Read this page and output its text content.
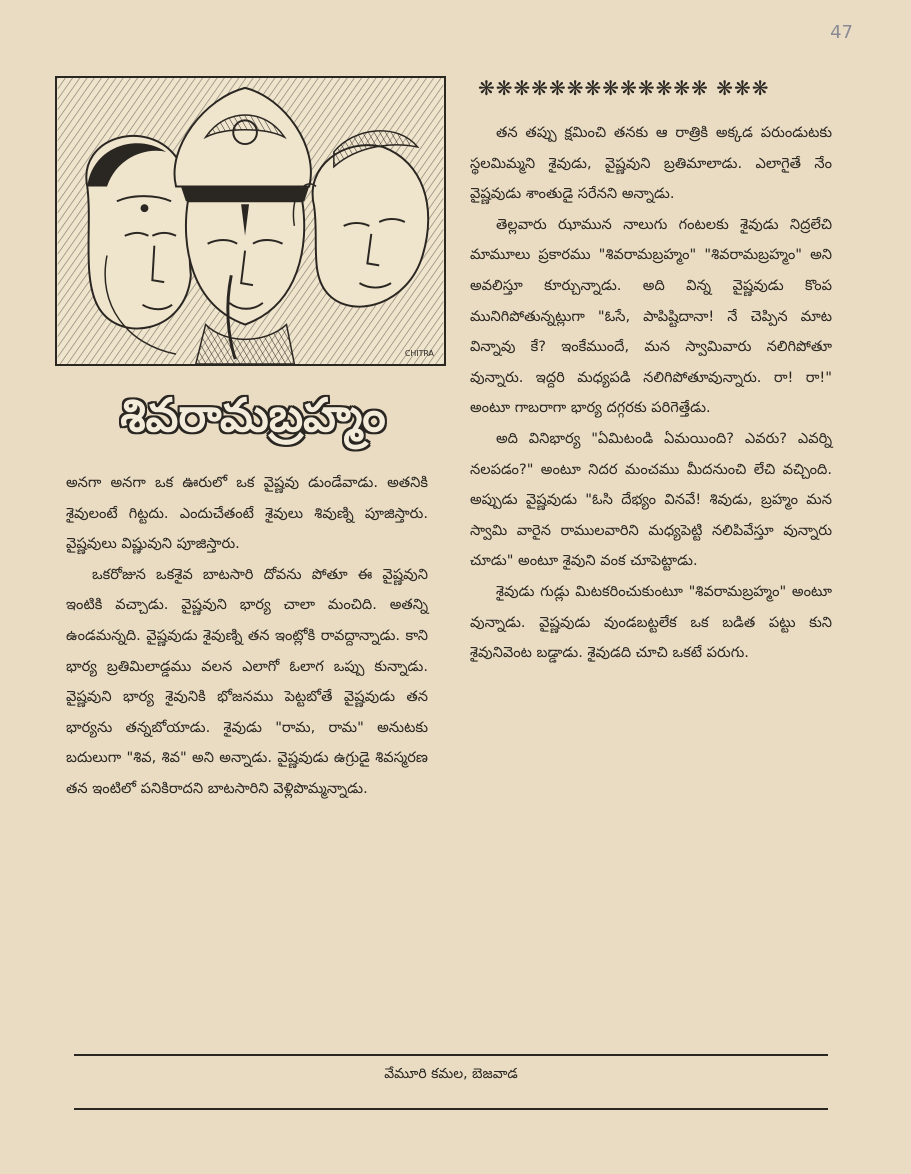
47
CHITRA
శివరామబ్రహ్మం
❋❋❋❋❋❋❋❋❋❋❋❋❋ ❋❋❋

అనగా అనగా ఒక ఊరులో ఒక వైష్ణవు డుండేవాడు. అతనికి శైవులంటే గిట్టదు. ఎందుచేతంటే శైవులు శివుణ్ని పూజిస్తారు. వైష్ణవులు విష్ణువుని పూజిస్తారు.

ఒకరోజున ఒకశైవ బాటసారి దోవను పోతూ ఈ వైష్ణవుని ఇంటికి వచ్చాడు. వైష్ణవుని భార్య చాలా మంచిది. అతన్ని ఉండమన్నది. వైష్ణవుడు శైవుణ్ని తన ఇంట్లోకి రావద్దాన్నాడు. కాని భార్య బ్రతిమిలాడ్డము వలన ఎలాగో ఓలాగ ఒప్పు కున్నాడు. వైష్ణవుని భార్య శైవునికి భోజనము పెట్టబోతే వైష్ణవుడు తన భార్యను తన్నబోయాడు. శైవుడు "రామ, రామ" అనుటకు బదులుగా "శివ, శివ" అని అన్నాడు. వైష్ణవుడు ఉగ్రుడై శివస్మరణ తన ఇంటిలో పనికిరాదని బాటసారిని వెళ్లిపొమ్మన్నాడు.

తన తప్పు క్షమించి తనకు ఆ రాత్రికి అక్కడ పరుండుటకు స్థలమిమ్మని శైవుడు, వైష్ణవుని బ్రతిమాలాడు. ఎలాగైతే నేం వైష్ణవుడు శాంతుడై సరేనని అన్నాడు.

తెల్లవారు ఝామున నాలుగు గంటలకు శైవుడు నిద్రలేచి మామూలు ప్రకారము "శివరామబ్రహ్మం" "శివరామబ్రహ్మం" అని అవలిస్తూ కూర్చున్నాడు. అది విన్న వైష్ణవుడు కొంప మునిగిపోతున్నట్లుగా "ఓసే, పాపిష్టిదానా! నే చెప్పిన మాట విన్నావు కే? ఇంకేముందే, మన స్వామివారు నలిగిపోతూ వున్నారు. ఇద్దరి మధ్యపడి నలిగిపోతూవున్నారు. రా! రా!" అంటూ గాబరాగా భార్య దగ్గరకు పరిగెత్తేడు.

అది వినిభార్య "ఏమిటండి ఏమయింది? ఎవరు? ఎవర్ని నలపడం?" అంటూ నిదర మంచము మీదనుంచి లేచి వచ్చింది. అప్పుడు వైష్ణవుడు "ఓసి దేభ్యం వినవే! శివుడు, బ్రహ్మం మన స్వామి వారైన రాములవారిని మధ్యపెట్టి నలిపివేస్తూ వున్నారు చూడు" అంటూ శైవుని వంక చూపెట్టాడు.

శైవుడు గుడ్లు మిటకరించుకుంటూ "శివరామబ్రహ్మం" అంటూ వున్నాడు. వైష్ణవుడు వుండబట్టలేక ఒక బడిత పట్టు కుని శైవునివెంట బడ్డాడు. శైవుడది చూచి ఒకటే పరుగు.

వేమూరి కమల, బెజవాడ
